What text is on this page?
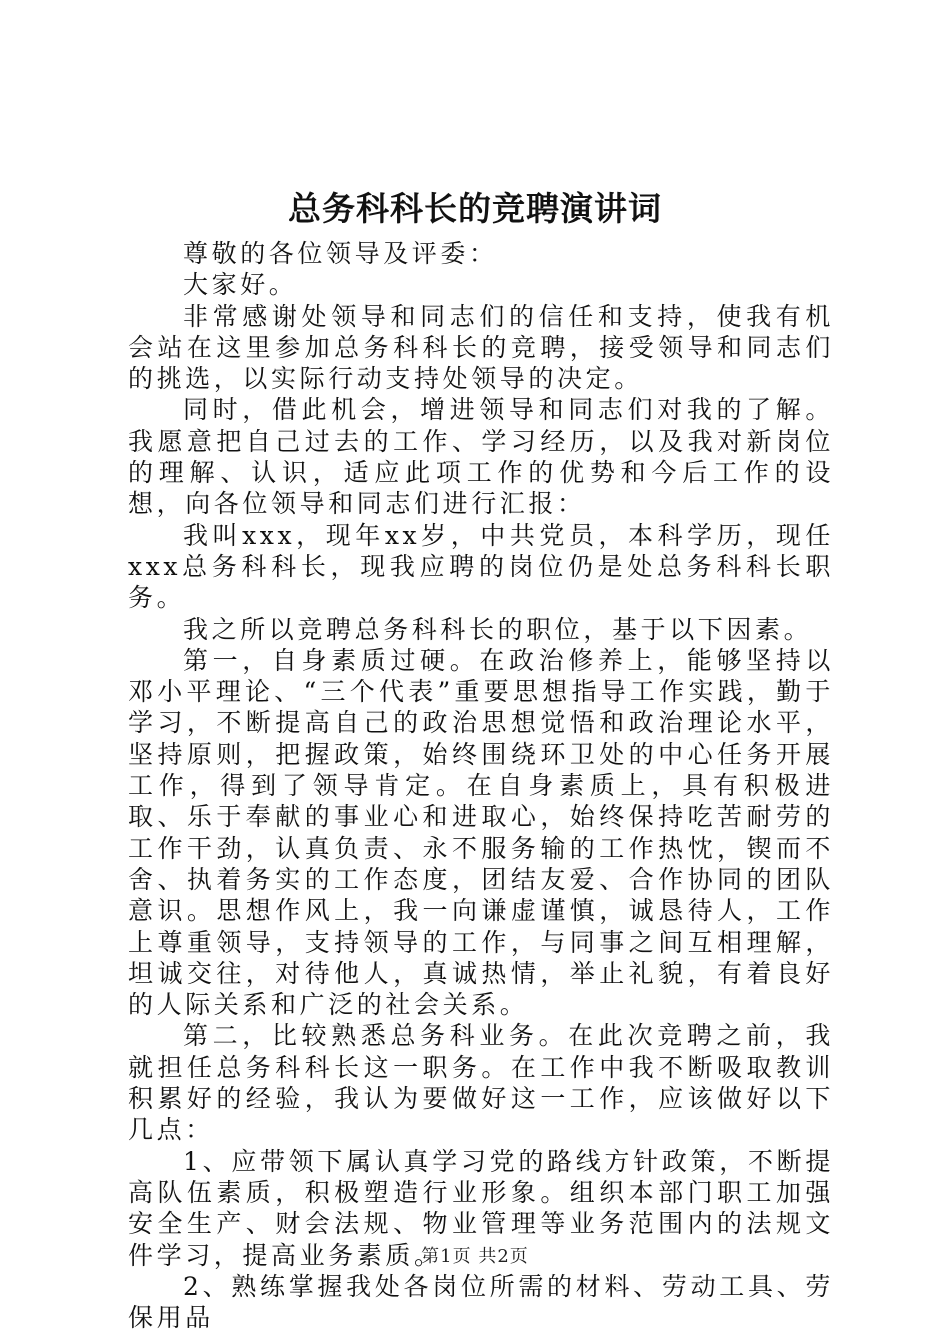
总务科科长的竞聘演讲词

尊敬的各位领导及评委：

大家好。

非常感谢处领导和同志们的信任和支持，使我有机会站在这里参加总务科科长的竞聘，接受领导和同志们的挑选，以实际行动支持处领导的决定。

同时，借此机会，增进领导和同志们对我的了解。我愿意把自己过去的工作、学习经历，以及我对新岗位的理解、认识，适应此项工作的优势和今后工作的设想，向各位领导和同志们进行汇报：

我叫xxx，现年xx岁，中共党员，本科学历，现任xxx总务科科长，现我应聘的岗位仍是处总务科科长职务。

我之所以竞聘总务科科长的职位，基于以下因素。

第一，自身素质过硬。在政治修养上，能够坚持以邓小平理论、“三个代表”重要思想指导工作实践，勤于学习，不断提高自己的政治思想觉悟和政治理论水平，坚持原则，把握政策，始终围绕环卫处的中心任务开展工作，得到了领导肯定。在自身素质上，具有积极进取、乐于奉献的事业心和进取心，始终保持吃苦耐劳的工作干劲，认真负责、永不服务输的工作热忱，锲而不舍、执着务实的工作态度，团结友爱、合作协同的团队意识。思想作风上，我一向谦虚谨慎，诚恳待人，工作上尊重领导，支持领导的工作，与同事之间互相理解，坦诚交往，对待他人，真诚热情，举止礼貌，有着良好的人际关系和广泛的社会关系。

第二，比较熟悉总务科业务。在此次竞聘之前，我就担任总务科科长这一职务。在工作中我不断吸取教训积累好的经验，我认为要做好这一工作，应该做好以下几点：

1、应带领下属认真学习党的路线方针政策，不断提高队伍素质，积极塑造行业形象。组织本部门职工加强安全生产、财会法规、物业管理等业务范围内的法规文件学习，提高业务素质。

2、熟练掌握我处各岗位所需的材料、劳动工具、劳保用品

第1页 共2页
